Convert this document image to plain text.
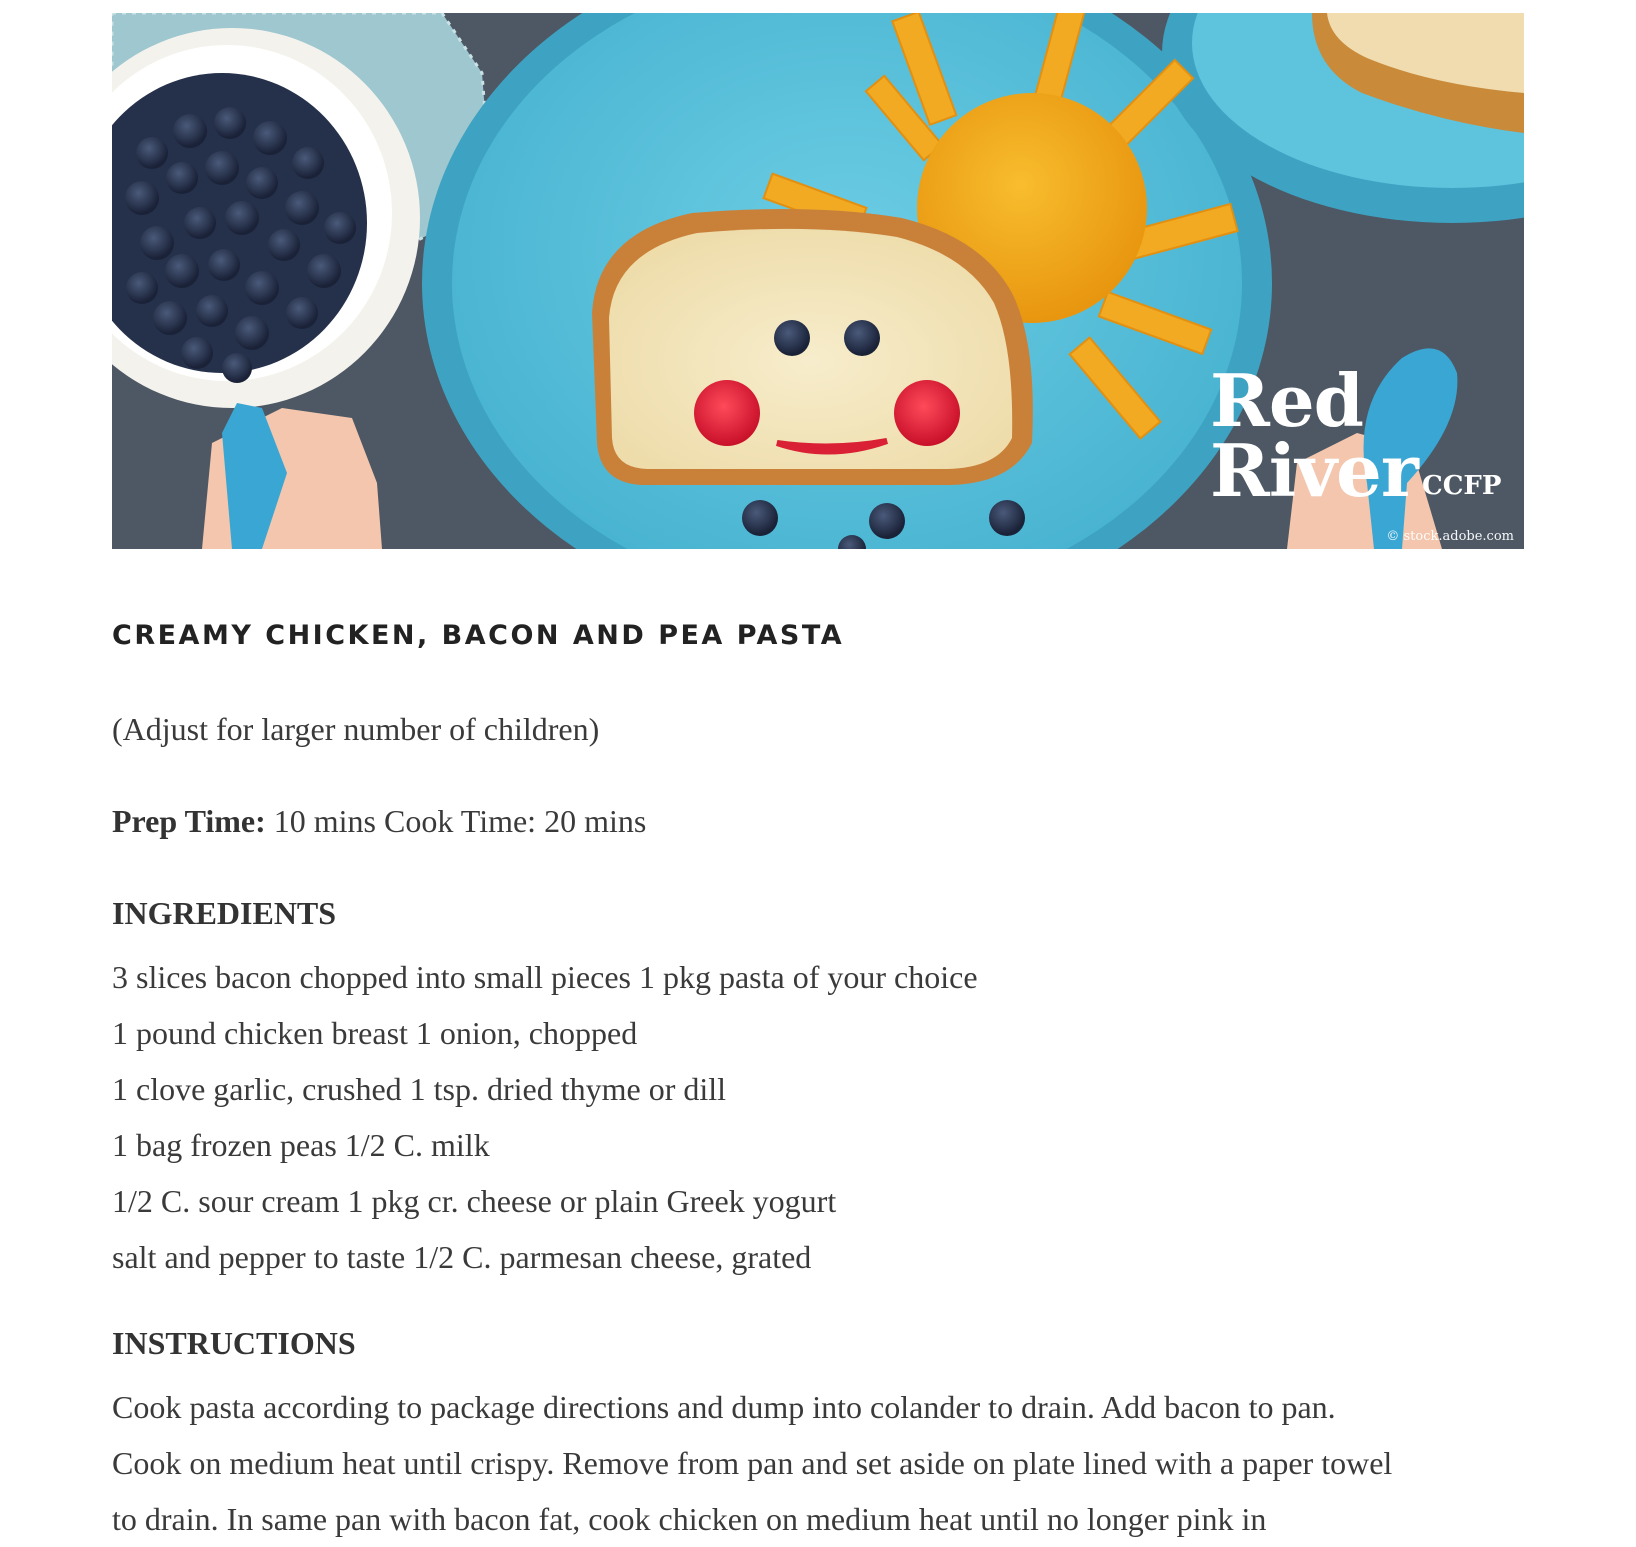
Red
River CCFP
© stock.adobe.com
CREAMY CHICKEN, BACON AND PEA PASTA

(Adjust for larger number of children)

Prep Time: 10 mins Cook Time: 20 mins

INGREDIENTS
3 slices bacon chopped into small pieces 1 pkg pasta of your choice
1 pound chicken breast 1 onion, chopped
1 clove garlic, crushed 1 tsp. dried thyme or dill
1 bag frozen peas 1/2 C. milk
1/2 C. sour cream 1 pkg cr. cheese or plain Greek yogurt
salt and pepper to taste 1/2 C. parmesan cheese, grated
INSTRUCTIONS

Cook pasta according to package directions and dump into colander to drain. Add bacon to pan.
Cook on medium heat until crispy. Remove from pan and set aside on plate lined with a paper towel
to drain. In same pan with bacon fat, cook chicken on medium heat until no longer pink in
